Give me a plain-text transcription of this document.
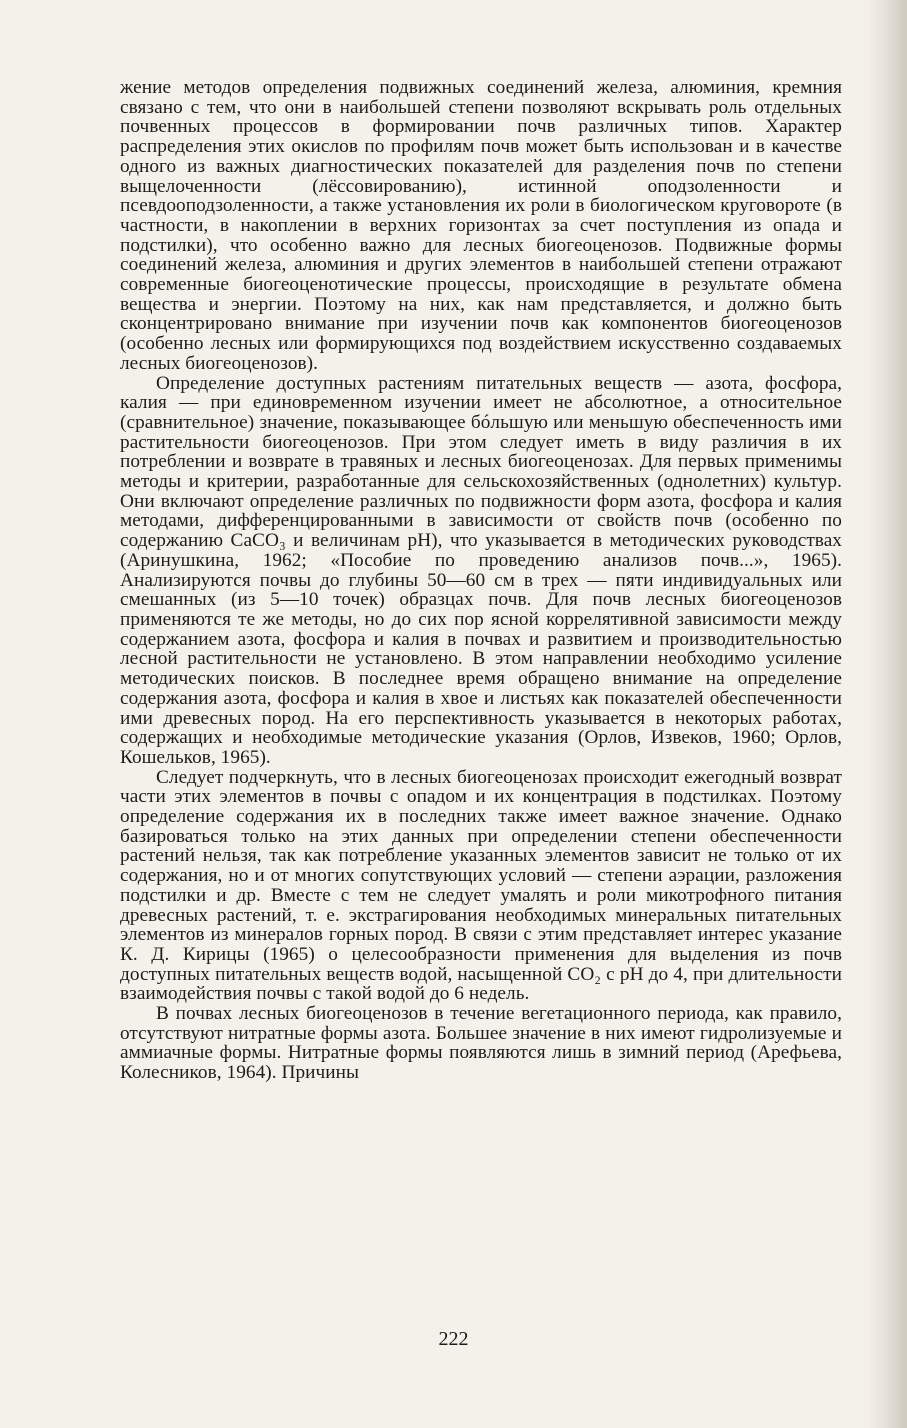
жение методов определения подвижных соединений железа, алюминия, кремния связано с тем, что они в наибольшей степени позволяют вскрывать роль отдельных почвенных процессов в формировании почв различных типов. Характер распределения этих окислов по профилям почв может быть использован и в качестве одного из важных диагностических показателей для разделения почв по степени выщелоченности (лёссовированию), истинной оподзоленности и псевдооподзоленности, а также установления их роли в биологическом круговороте (в частности, в накоплении в верхних горизонтах за счет поступления из опада и подстилки), что особенно важно для лесных биогеоценозов. Подвижные формы соединений железа, алюминия и других элементов в наибольшей степени отражают современные биогеоценотические процессы, происходящие в результате обмена вещества и энергии. Поэтому на них, как нам представляется, и должно быть сконцентрировано внимание при изучении почв как компонентов биогеоценозов (особенно лесных или формирующихся под воздействием искусственно создаваемых лесных биогеоценозов).

Определение доступных растениям питательных веществ — азота, фосфора, калия — при единовременном изучении имеет не абсолютное, а относительное (сравнительное) значение, показывающее бóльшую или меньшую обеспеченность ими растительности биогеоценозов. При этом следует иметь в виду различия в их потреблении и возврате в травяных и лесных биогеоценозах. Для первых применимы методы и критерии, разработанные для сельскохозяйственных (однолетних) культур. Они включают определение различных по подвижности форм азота, фосфора и калия методами, дифференцированными в зависимости от свойств почв (особенно по содержанию CaCO₃ и величинам pH), что указывается в методических руководствах (Аринушкина, 1962; «Пособие по проведению анализов почв...», 1965). Анализируются почвы до глубины 50—60 см в трех — пяти индивидуальных или смешанных (из 5—10 точек) образцах почв. Для почв лесных биогеоценозов применяются те же методы, но до сих пор ясной коррелятивной зависимости между содержанием азота, фосфора и калия в почвах и развитием и производительностью лесной растительности не установлено. В этом направлении необходимо усиление методических поисков. В последнее время обращено внимание на определение содержания азота, фосфора и калия в хвое и листьях как показателей обеспеченности ими древесных пород. На его перспективность указывается в некоторых работах, содержащих и необходимые методические указания (Орлов, Извеков, 1960; Орлов, Кошельков, 1965).

Следует подчеркнуть, что в лесных биогеоценозах происходит ежегодный возврат части этих элементов в почвы с опадом и их концентрация в подстилках. Поэтому определение содержания их в последних также имеет важное значение. Однако базироваться только на этих данных при определении степени обеспеченности растений нельзя, так как потребление указанных элементов зависит не только от их содержания, но и от многих сопутствующих условий — степени аэрации, разложения подстилки и др. Вместе с тем не следует умалять и роли микотрофного питания древесных растений, т. е. экстрагирования необходимых минеральных питательных элементов из минералов горных пород. В связи с этим представляет интерес указание К. Д. Кирицы (1965) о целесообразности применения для выделения из почв доступных питательных веществ водой, насыщенной CO₂ с pH до 4, при длительности взаимодействия почвы с такой водой до 6 недель.

В почвах лесных биогеоценозов в течение вегетационного периода, как правило, отсутствуют нитратные формы азота. Большее значение в них имеют гидролизуемые и аммиачные формы. Нитратные формы появляются лишь в зимний период (Арефьева, Колесников, 1964). Причины

222
